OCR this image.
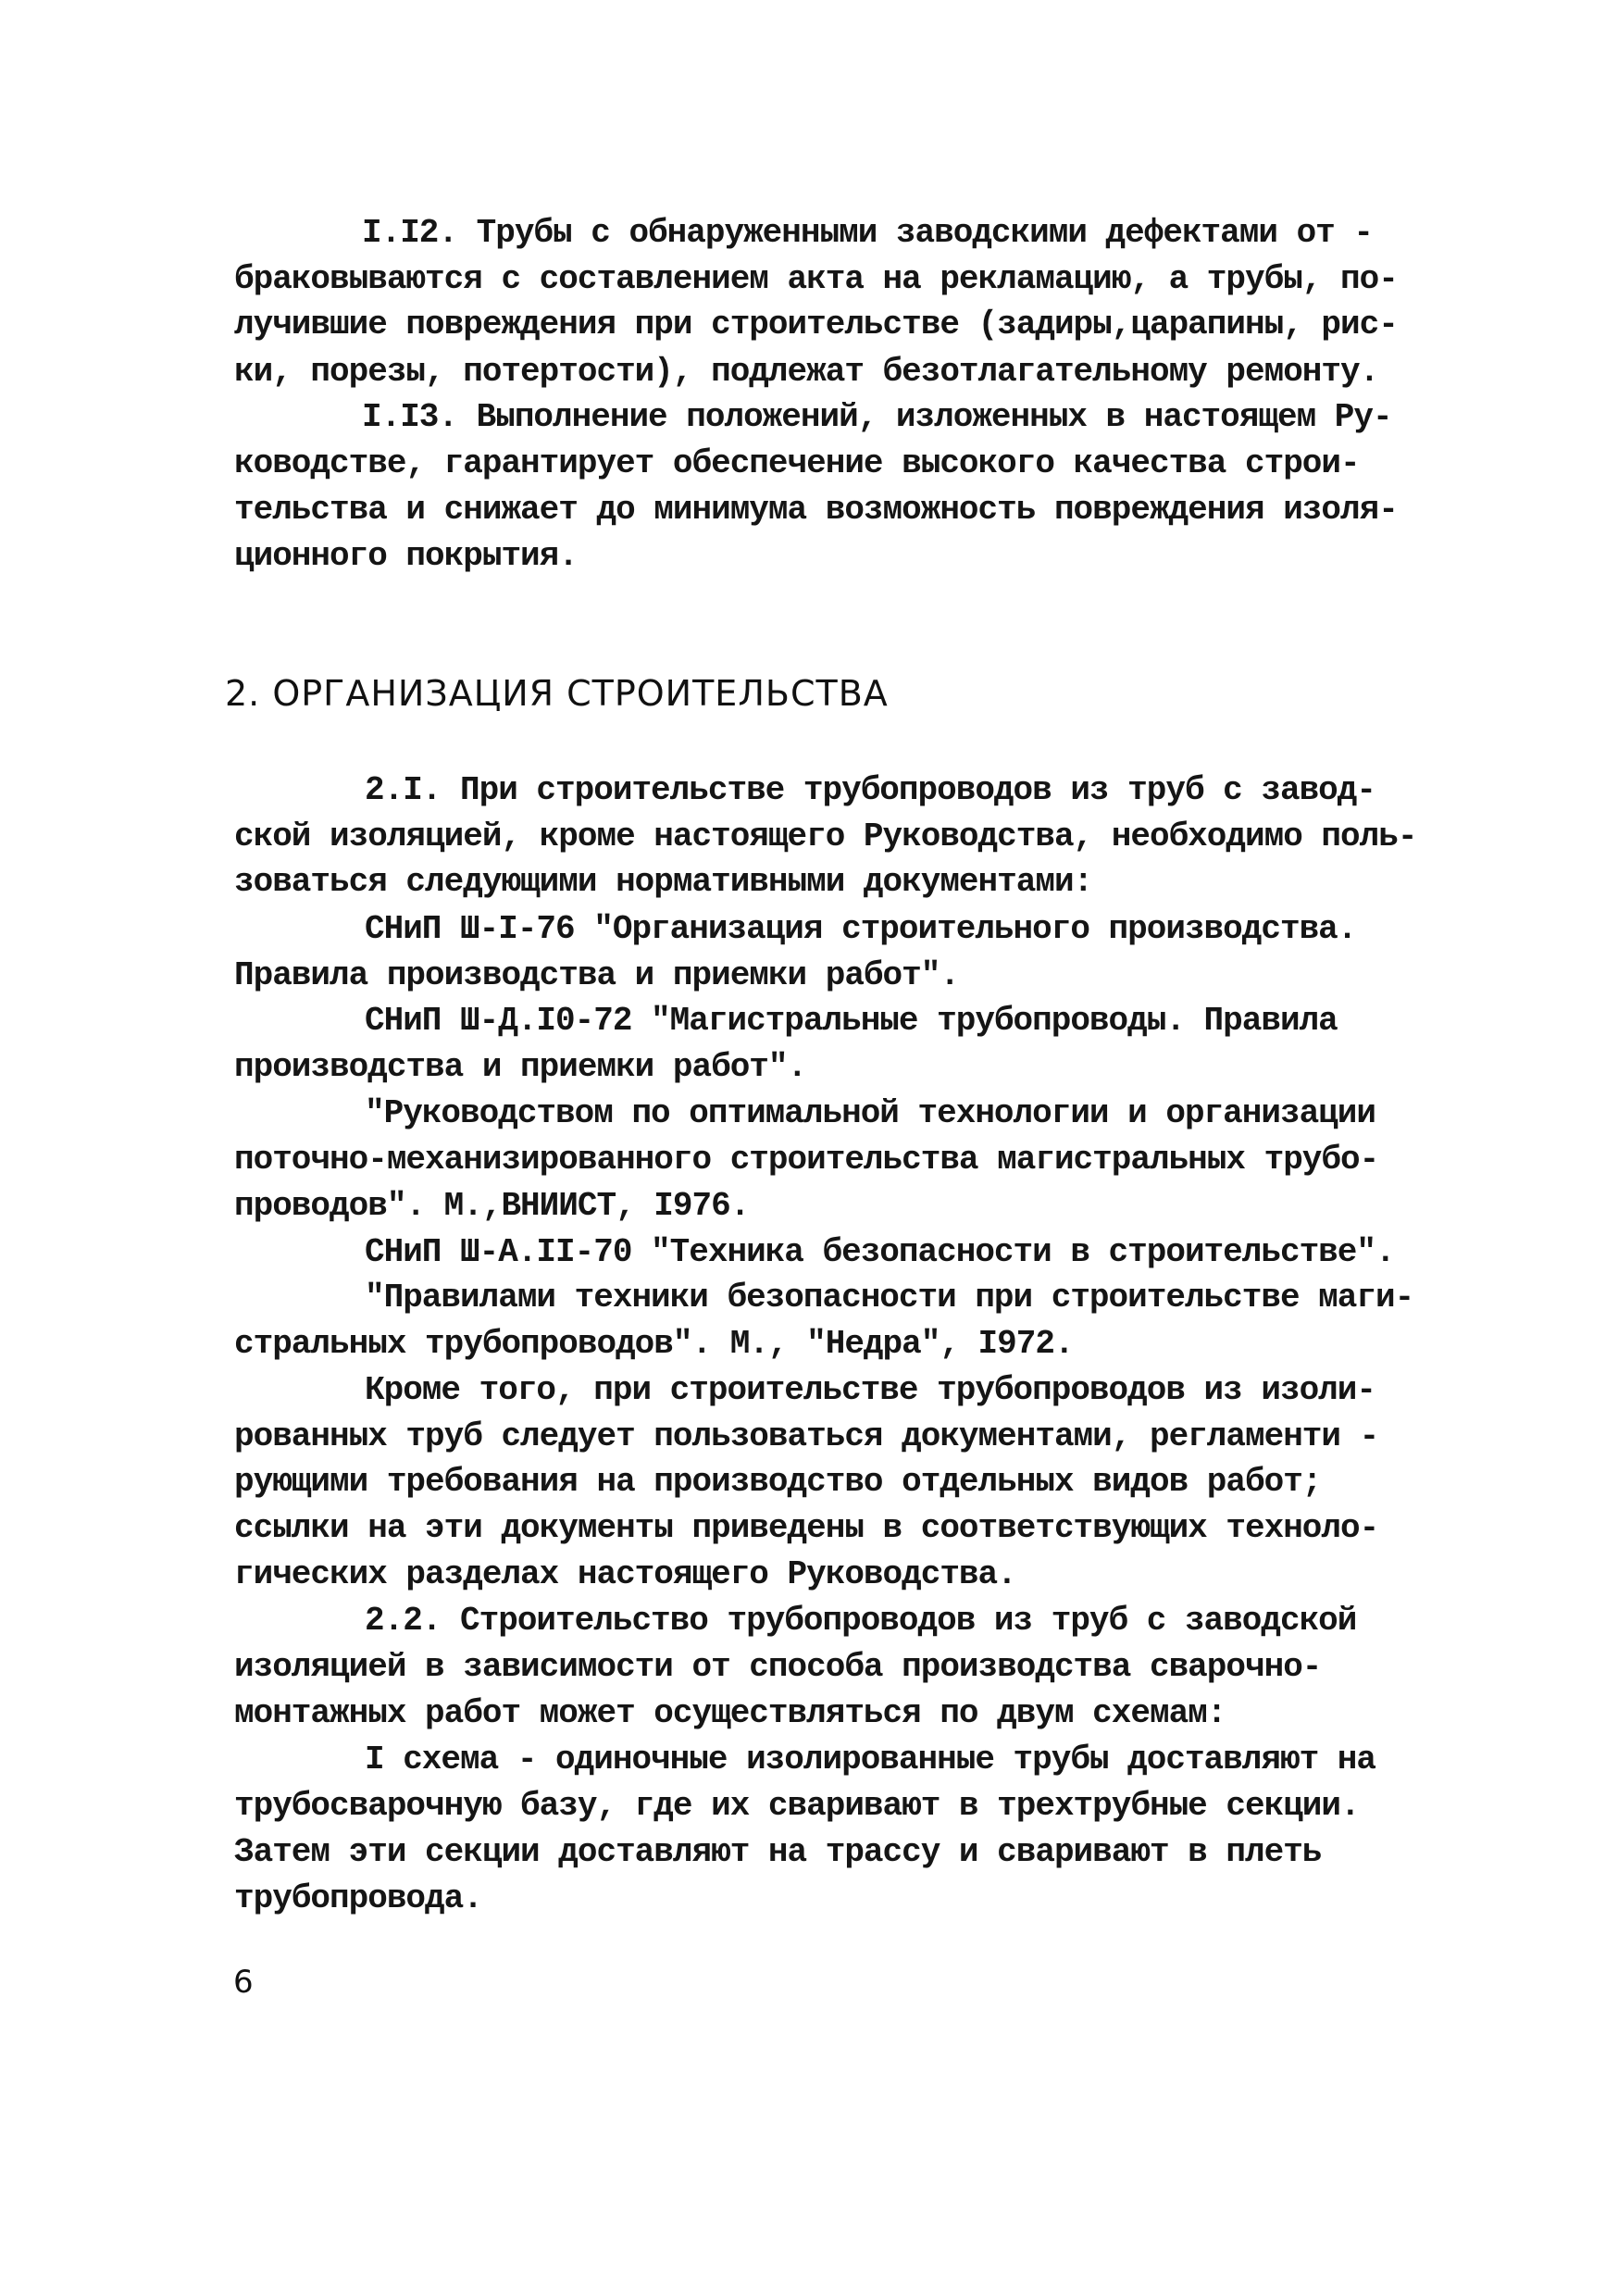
I.I2. Трубы с обнаруженными заводскими дефектами от -

браковываются с составлением акта на рекламацию, а трубы, по-

лучившие повреждения при строительстве (задиры,царапины, рис-

ки, порезы, потертости), подлежат безотлагательному ремонту.

I.I3. Выполнение положений, изложенных в настоящем Ру-

ководстве, гарантирует обеспечение высокого качества строи-

тельства и снижает до минимума возможность повреждения изоля-

ционного покрытия.

2. ОРГАНИЗАЦИЯ СТРОИТЕЛЬСТВА

2.I. При строительстве трубопроводов из труб с завод-

ской изоляцией, кроме настоящего Руководства, необходимо поль-

зоваться следующими нормативными документами:

СНиП Ш-I-76 "Организация строительного производства.

Правила производства и приемки работ".

СНиП Ш-Д.I0-72 "Магистральные трубопроводы. Правила

производства и приемки работ".

"Руководством по оптимальной технологии и организации

поточно-механизированного строительства магистральных трубо-

проводов". М.,ВНИИСТ, I976.

СНиП Ш-А.II-70 "Техника безопасности в строительстве".

"Правилами техники безопасности при строительстве маги-

стральных трубопроводов". М., "Недра", I972.

Кроме того, при строительстве трубопроводов из изоли-

рованных труб следует пользоваться документами, регламенти -

рующими требования на производство отдельных видов работ;

ссылки на эти документы приведены в соответствующих техноло-

гических разделах настоящего Руководства.

2.2. Строительство трубопроводов из труб с заводской

изоляцией в зависимости от способа производства сварочно-

монтажных работ может осуществляться по двум схемам:

I схема - одиночные изолированные трубы доставляют на

трубосварочную базу, где их сваривают в трехтрубные секции.

Затем эти секции доставляют на трассу и сваривают в плеть

трубопровода.

6
